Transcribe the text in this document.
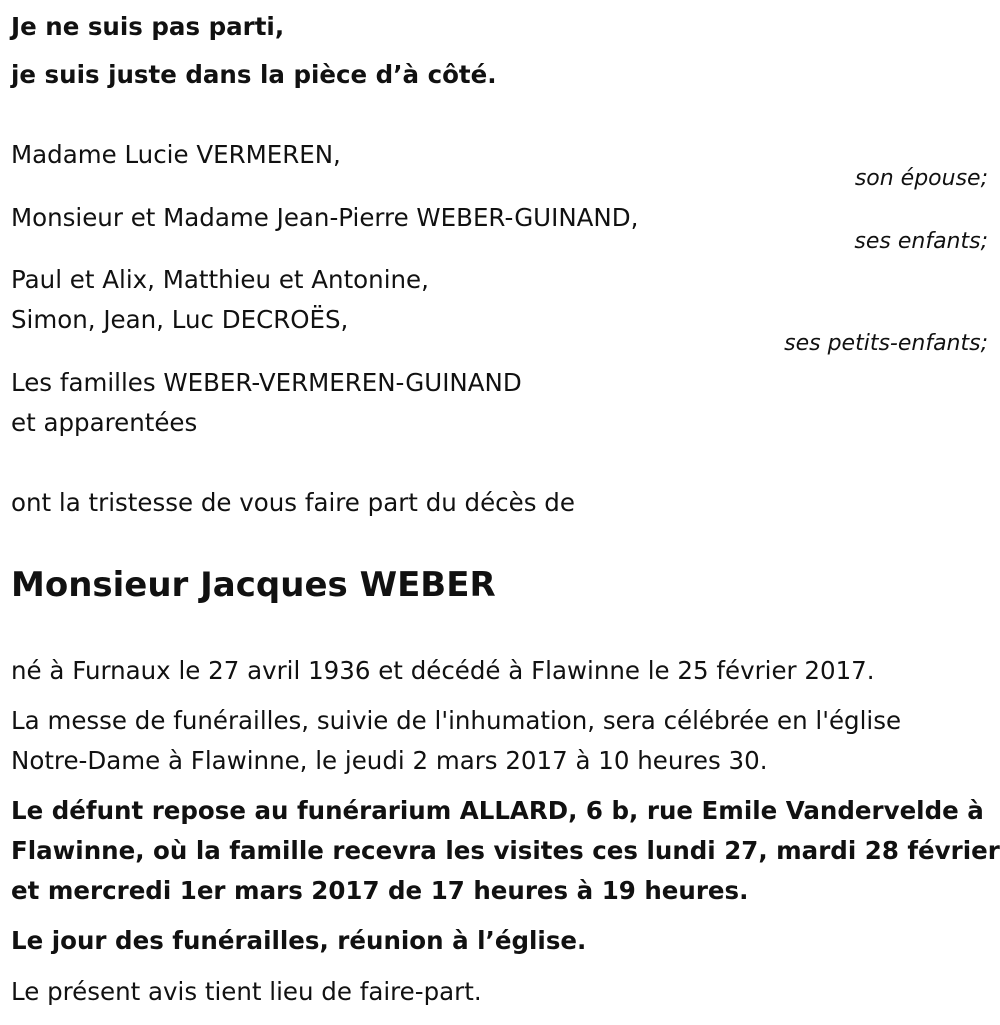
Je ne suis pas parti,
je suis juste dans la pièce d’à côté.
Madame Lucie VERMEREN,
son épouse;
Monsieur et Madame Jean-Pierre WEBER-GUINAND,
ses enfants;
Paul et Alix, Matthieu et Antonine,
Simon, Jean, Luc DECROËS,
ses petits-enfants;
Les familles WEBER-VERMEREN-GUINAND
et apparentées
ont la tristesse de vous faire part du décès de
Monsieur Jacques WEBER
né à Furnaux le 27 avril 1936 et décédé à Flawinne le 25 février 2017.
La messe de funérailles, suivie de l'inhumation, sera célébrée en l'église
Notre-Dame à Flawinne, le jeudi 2 mars 2017 à 10 heures 30.
Le défunt repose au funérarium ALLARD, 6 b, rue Emile Vandervelde à
Flawinne, où la famille recevra les visites ces lundi 27, mardi 28 février
et mercredi 1er mars 2017 de 17 heures à 19 heures.
Le jour des funérailles, réunion à l’église.
Le présent avis tient lieu de faire-part.
